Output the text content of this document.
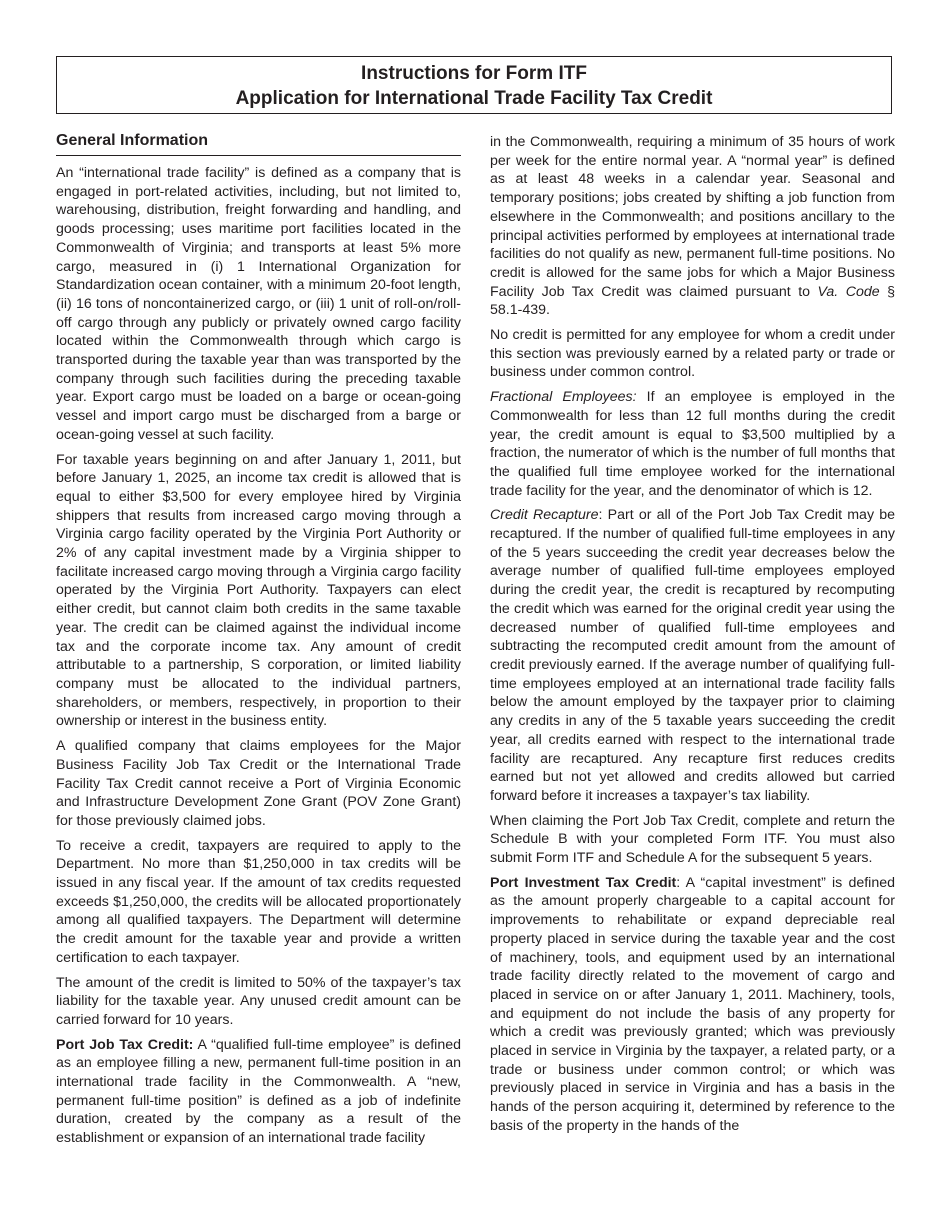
Instructions for Form ITF
Application for International Trade Facility Tax Credit
General Information

An “international trade facility” is defined as a company that is engaged in port-related activities, including, but not limited to, warehousing, distribution, freight forwarding and handling, and goods processing; uses maritime port facilities located in the Commonwealth of Virginia; and transports at least 5% more cargo, measured in (i) 1 International Organization for Standardization ocean container, with a minimum 20-foot length, (ii) 16 tons of noncontainerized cargo, or (iii) 1 unit of roll-on/roll-off cargo through any publicly or privately owned cargo facility located within the Commonwealth through which cargo is transported during the taxable year than was transported by the company through such facilities during the preceding taxable year. Export cargo must be loaded on a barge or ocean-going vessel and import cargo must be discharged from a barge or ocean-going vessel at such facility.

For taxable years beginning on and after January 1, 2011, but before January 1, 2025, an income tax credit is allowed that is equal to either $3,500 for every employee hired by Virginia shippers that results from increased cargo moving through a Virginia cargo facility operated by the Virginia Port Authority or 2% of any capital investment made by a Virginia shipper to facilitate increased cargo moving through a Virginia cargo facility operated by the Virginia Port Authority. Taxpayers can elect either credit, but cannot claim both credits in the same taxable year. The credit can be claimed against the individual income tax and the corporate income tax. Any amount of credit attributable to a partnership, S corporation, or limited liability company must be allocated to the individual partners, shareholders, or members, respectively, in proportion to their ownership or interest in the business entity.

A qualified company that claims employees for the Major Business Facility Job Tax Credit or the International Trade Facility Tax Credit cannot receive a Port of Virginia Economic and Infrastructure Development Zone Grant (POV Zone Grant) for those previously claimed jobs.

To receive a credit, taxpayers are required to apply to the Department. No more than $1,250,000 in tax credits will be issued in any fiscal year. If the amount of tax credits requested exceeds $1,250,000, the credits will be allocated proportionately among all qualified taxpayers. The Department will determine the credit amount for the taxable year and provide a written certification to each taxpayer.

The amount of the credit is limited to 50% of the taxpayer’s tax liability for the taxable year. Any unused credit amount can be carried forward for 10 years.

Port Job Tax Credit: A “qualified full-time employee” is defined as an employee filling a new, permanent full-time position in an international trade facility in the Commonwealth. A “new, permanent full-time position” is defined as a job of indefinite duration, created by the company as a result of the establishment or expansion of an international trade facility

in the Commonwealth, requiring a minimum of 35 hours of work per week for the entire normal year. A “normal year” is defined as at least 48 weeks in a calendar year. Seasonal and temporary positions; jobs created by shifting a job function from elsewhere in the Commonwealth; and positions ancillary to the principal activities performed by employees at international trade facilities do not qualify as new, permanent full-time positions. No credit is allowed for the same jobs for which a Major Business Facility Job Tax Credit was claimed pursuant to Va. Code § 58.1-439.

No credit is permitted for any employee for whom a credit under this section was previously earned by a related party or trade or business under common control.

Fractional Employees: If an employee is employed in the Commonwealth for less than 12 full months during the credit year, the credit amount is equal to $3,500 multiplied by a fraction, the numerator of which is the number of full months that the qualified full time employee worked for the international trade facility for the year, and the denominator of which is 12.

Credit Recapture: Part or all of the Port Job Tax Credit may be recaptured. If the number of qualified full-time employees in any of the 5 years succeeding the credit year decreases below the average number of qualified full-time employees employed during the credit year, the credit is recaptured by recomputing the credit which was earned for the original credit year using the decreased number of qualified full-time employees and subtracting the recomputed credit amount from the amount of credit previously earned. If the average number of qualifying full-time employees employed at an international trade facility falls below the amount employed by the taxpayer prior to claiming any credits in any of the 5 taxable years succeeding the credit year, all credits earned with respect to the international trade facility are recaptured. Any recapture first reduces credits earned but not yet allowed and credits allowed but carried forward before it increases a taxpayer’s tax liability.

When claiming the Port Job Tax Credit, complete and return the Schedule B with your completed Form ITF. You must also submit Form ITF and Schedule A for the subsequent 5 years.

Port Investment Tax Credit: A “capital investment” is defined as the amount properly chargeable to a capital account for improvements to rehabilitate or expand depreciable real property placed in service during the taxable year and the cost of machinery, tools, and equipment used by an international trade facility directly related to the movement of cargo and placed in service on or after January 1, 2011. Machinery, tools, and equipment do not include the basis of any property for which a credit was previously granted; which was previously placed in service in Virginia by the taxpayer, a related party, or a trade or business under common control; or which was previously placed in service in Virginia and has a basis in the hands of the person acquiring it, determined by reference to the basis of the property in the hands of the
